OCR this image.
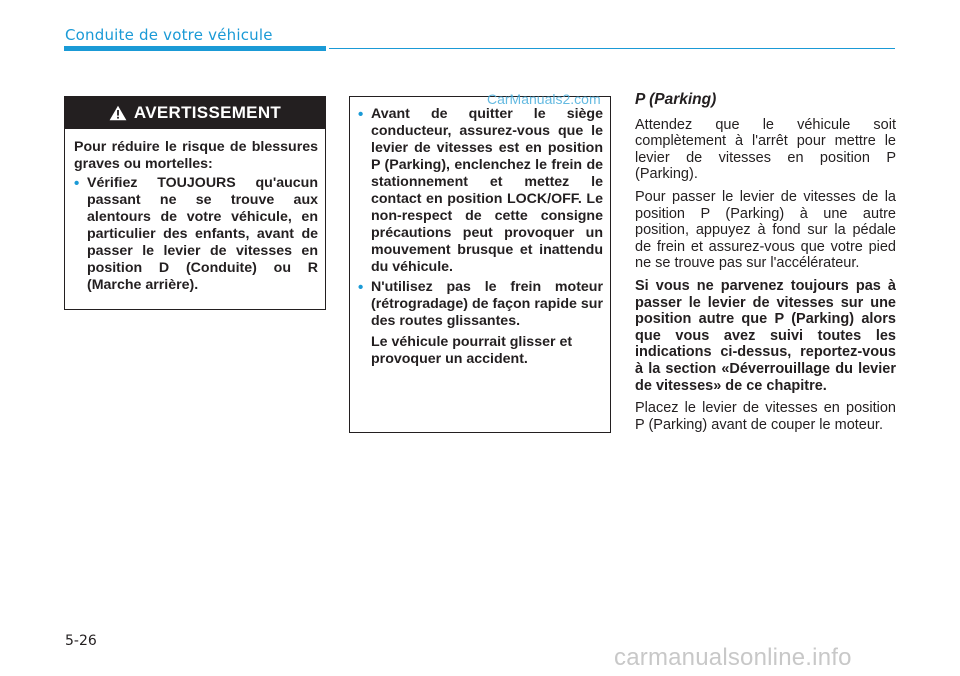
Conduite de votre véhicule
AVERTISSEMENT
Pour réduire le risque de blessures graves ou mortelles:
• Vérifiez TOUJOURS qu'aucun passant ne se trouve aux alentours de votre véhicule, en particulier des enfants, avant de passer le levier de vitesses en position D (Conduite) ou R (Marche arrière).
• Avant de quitter le siège conducteur, assurez-vous que le levier de vitesses est en position P (Parking), enclenchez le frein de stationnement et mettez le contact en position LOCK/OFF. Le non-respect de cette consigne précautions peut provoquer un mouvement brusque et inattendu du véhicule.
• N'utilisez pas le frein moteur (rétrogradage) de façon rapide sur des routes glissantes.
Le véhicule pourrait glisser et provoquer un accident.
CarManuals2.com P (Parking)

Attendez que le véhicule soit complètement à l'arrêt pour mettre le levier de vitesses en position P (Parking).

Pour passer le levier de vitesses de la position P (Parking) à une autre position, appuyez à fond sur la pédale de frein et assurez-vous que votre pied ne se trouve pas sur l'accélérateur.

Si vous ne parvenez toujours pas à passer le levier de vitesses sur une position autre que P (Parking) alors que vous avez suivi toutes les indications ci-dessus, reportez-vous à la section «Déverrouillage du levier de vitesses» de ce chapitre.

Placez le levier de vitesses en position P (Parking) avant de couper le moteur.

5-26
carmanualsonline.info
